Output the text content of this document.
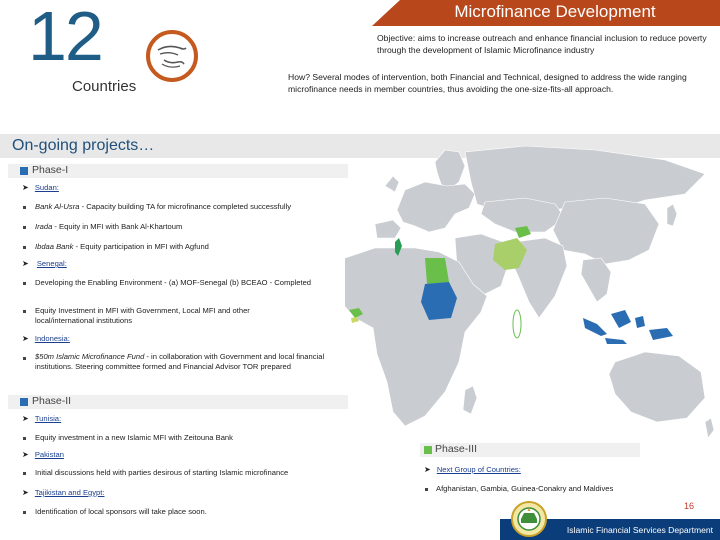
Microfinance Development
12
Countries
Objective: aims to increase outreach and enhance financial inclusion to reduce poverty through the development of Islamic Microfinance industry
How? Several modes of intervention, both Financial and Technical, designed to address the wide ranging microfinance needs in member countries, thus avoiding the one-size-fits-all approach.
On-going projects…
Phase-I
➤ Sudan:
Bank Al-Usra - Capacity building TA for microfinance completed successfully
Irada - Equity in MFI with Bank Al-Khartoum
Ibdaa Bank - Equity participation in MFI with Agfund
➤ Senegal:
Developing the Enabling Environment - (a) MOF-Senegal (b) BCEAO - Completed
Equity Investment in MFI with Government, Local MFI and other local/international institutions
➤ Indonesia:
$50m Islamic Microfinance Fund - in collaboration with Government and local financial institutions. Steering committee formed and Financial Advisor TOR prepared
Phase-II
➤ Tunisia:
Equity investment in a new Islamic MFI with Zeitouna Bank
➤ Pakistan
Initial discussions held with parties desirous of starting Islamic microfinance
➤ Tajikistan and Egypt:
Identification of local sponsors will take place soon.
Phase-III
➤ Next Group of Countries:
Afghanistan, Gambia, Guinea-Conakry and Maldives
16
Islamic Financial Services Department
